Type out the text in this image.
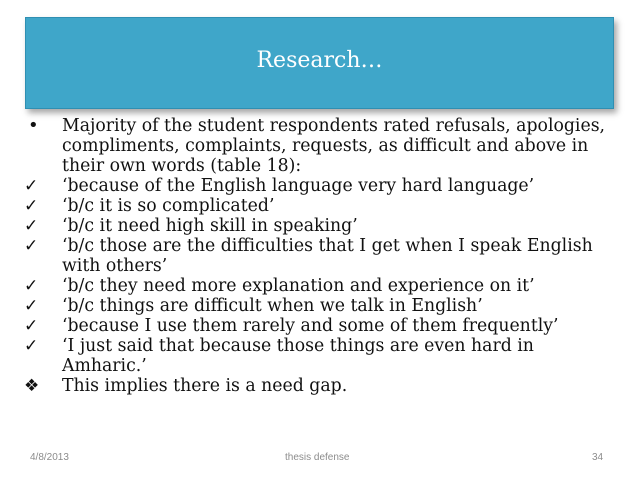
Research…
•	Majority of the student respondents rated refusals, apologies, compliments, complaints, requests, as difficult and above in their own words (table 18):
✓	‘because of the English language very hard language’
✓	‘b/c it is so complicated’
✓	‘b/c it need high skill in speaking’
✓	‘b/c those are the difficulties that I get when I speak English with others’
✓	‘b/c they need more explanation and experience on it’
✓	‘b/c things are difficult when we talk in English’
✓	‘because I use them rarely and some of them frequently’
✓	‘I just said that because those things are even hard in Amharic.’
❖	This implies there is a need gap.
4/8/2013	thesis defense	34
